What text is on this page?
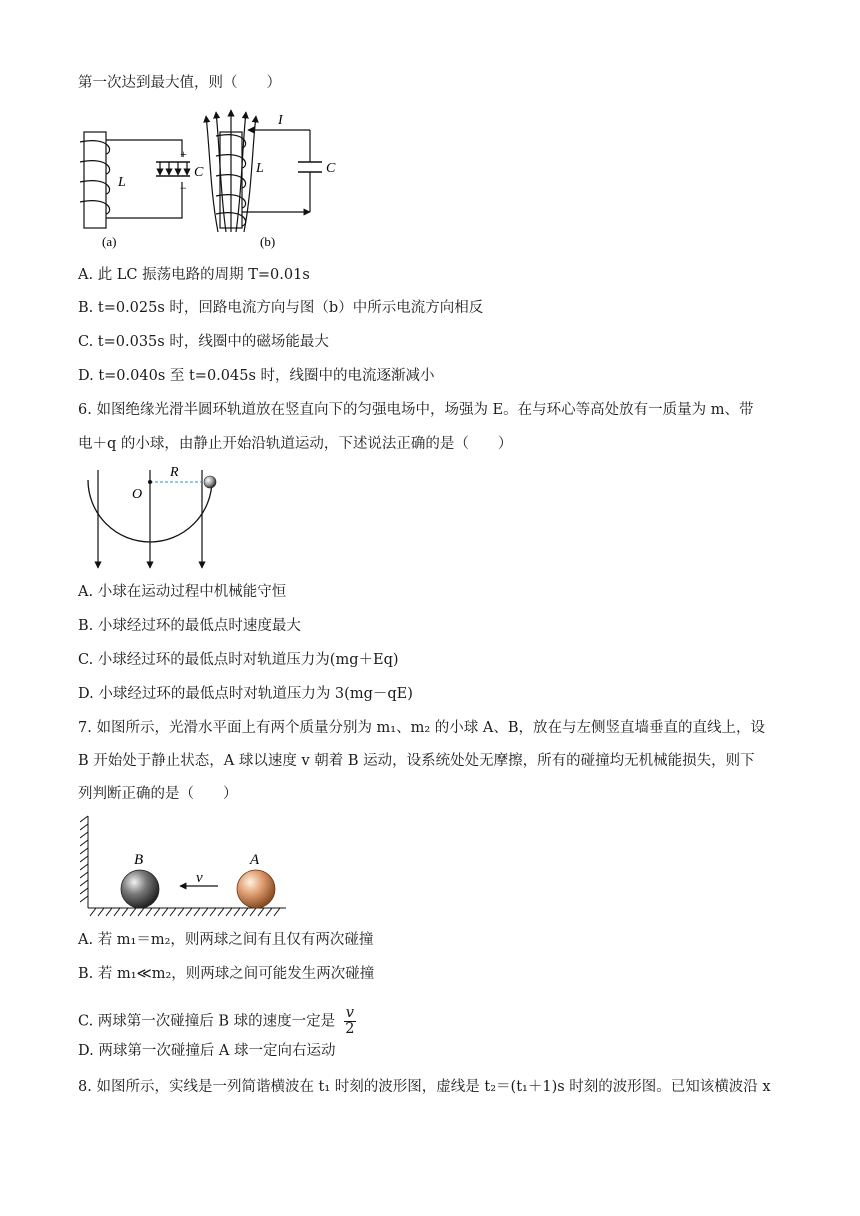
第一次达到最大值，则（　　）
L
C
+
−
(a)
I
L	C
(b)
A. 此 LC 振荡电路的周期 T=0.01s
B. t=0.025s 时，回路电流方向与图（b）中所示电流方向相反
C. t=0.035s 时，线圈中的磁场能最大
D. t=0.040s 至 t=0.045s 时，线圈中的电流逐渐减小
6. 如图绝缘光滑半圆环轨道放在竖直向下的匀强电场中，场强为 E。在与环心等高处放有一质量为 m、带
电＋q 的小球，由静止开始沿轨道运动，下述说法正确的是（　　）
R
O
A. 小球在运动过程中机械能守恒
B. 小球经过环的最低点时速度最大
C. 小球经过环的最低点时对轨道压力为(mg＋Eq)
D. 小球经过环的最低点时对轨道压力为 3(mg－qE)
7. 如图所示，光滑水平面上有两个质量分别为 m₁、m₂ 的小球 A、B，放在与左侧竖直墙垂直的直线上，设
B 开始处于静止状态，A 球以速度 v 朝着 B 运动，设系统处处无摩擦，所有的碰撞均无机械能损失，则下
列判断正确的是（　　）
B	A
v
A. 若 m₁＝m₂，则两球之间有且仅有两次碰撞
B. 若 m₁≪m₂，则两球之间可能发生两次碰撞
C. 两球第一次碰撞后 B 球的速度一定是 $\frac{v}{2}$
D. 两球第一次碰撞后 A 球一定向右运动
8. 如图所示，实线是一列简谐横波在 t₁ 时刻的波形图，虚线是 t₂＝(t₁＋1)s 时刻的波形图。已知该横波沿 x
